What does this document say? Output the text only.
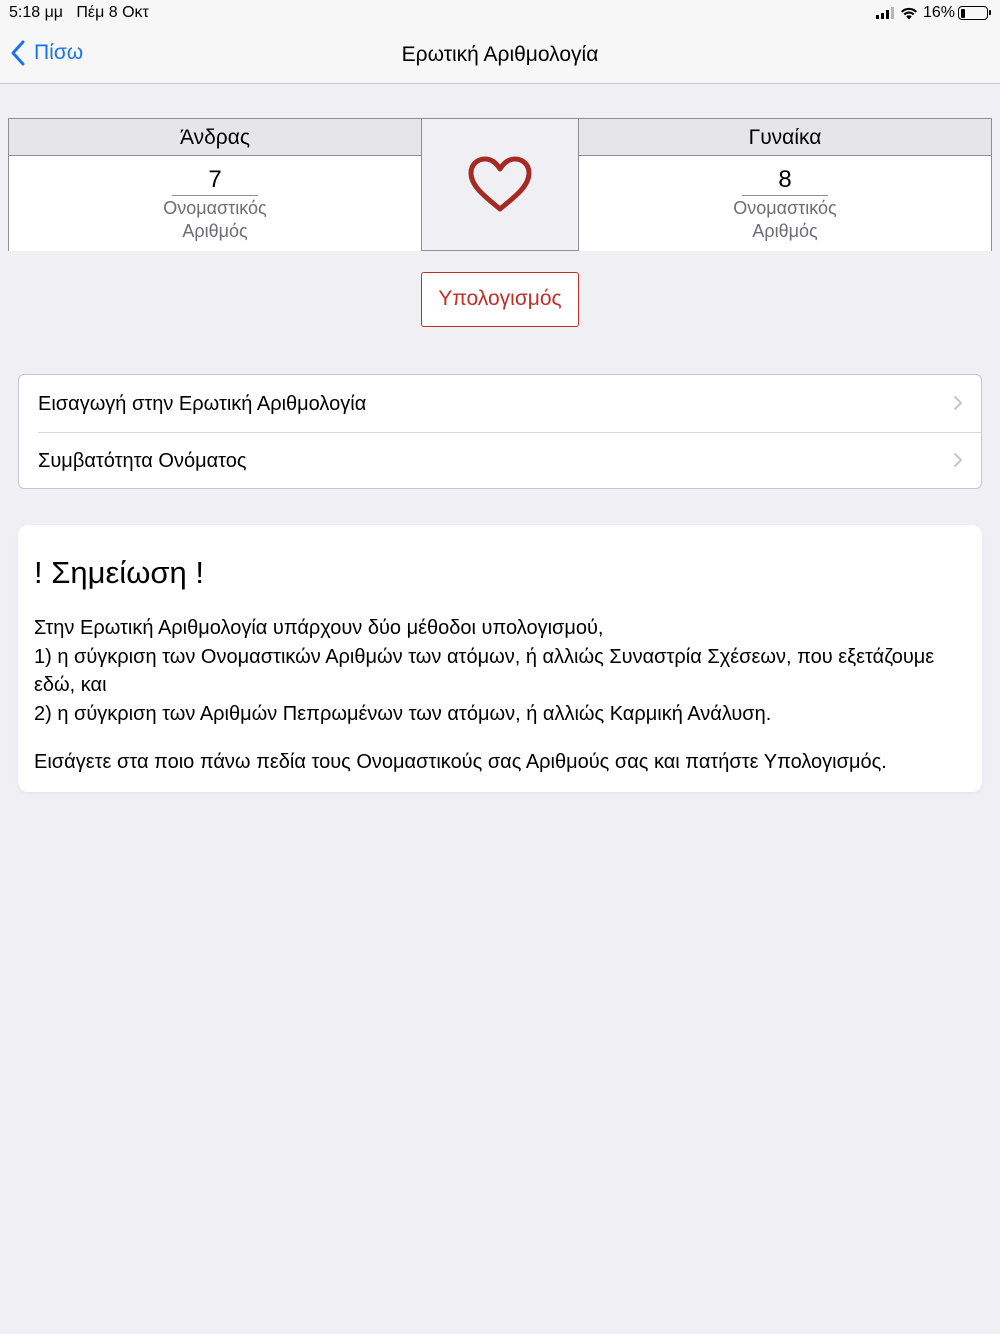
5:18 μμ Πέμ 8 Οκτ	16%
Πίσω	Ερωτική Αριθμολογία
Άνδρας
7
Ονομαστικός
Αριθμός
Γυναίκα
8
Ονομαστικός
Αριθμός
Υπολογισμός
Εισαγωγή στην Ερωτική Αριθμολογία
Συμβατότητα Ονόματος
! Σημείωση !

Στην Ερωτική Αριθμολογία υπάρχουν δύο μέθοδοι υπολογισμού,

1) η σύγκριση των Ονομαστικών Αριθμών των ατόμων, ή αλλιώς Συναστρία Σχέσεων, που εξετάζουμε εδώ, και

2) η σύγκριση των Αριθμών Πεπρωμένων των ατόμων, ή αλλιώς Καρμική Ανάλυση.

Εισάγετε στα ποιο πάνω πεδία τους Ονομαστικούς σας Αριθμούς σας και πατήστε Υπολογισμός.
